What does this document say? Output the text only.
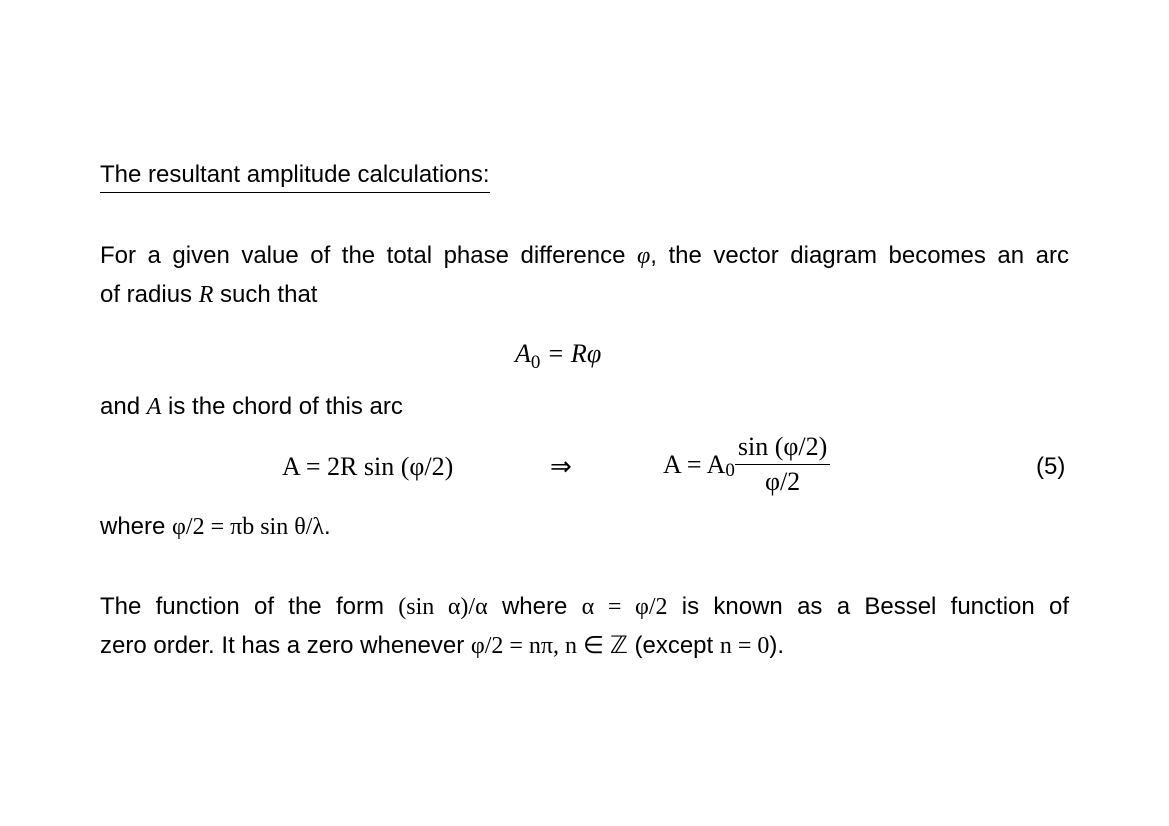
The resultant amplitude calculations:
For a given value of the total phase difference φ, the vector diagram becomes an arc
of radius R such that
$A_0 = R\varphi$
and A is the chord of this arc
A = 2R sin (φ/2)	⇒	A = A $0 \frac{\sin (\varphi/2)}{\varphi/2}$	(5)
where φ/2 = πb sin θ/λ.
The function of the form (sin α)/α where α = φ/2 is known as a Bessel function of
zero order. It has a zero whenever φ/2 = nπ, n ∈ ℤ (except n = 0).
